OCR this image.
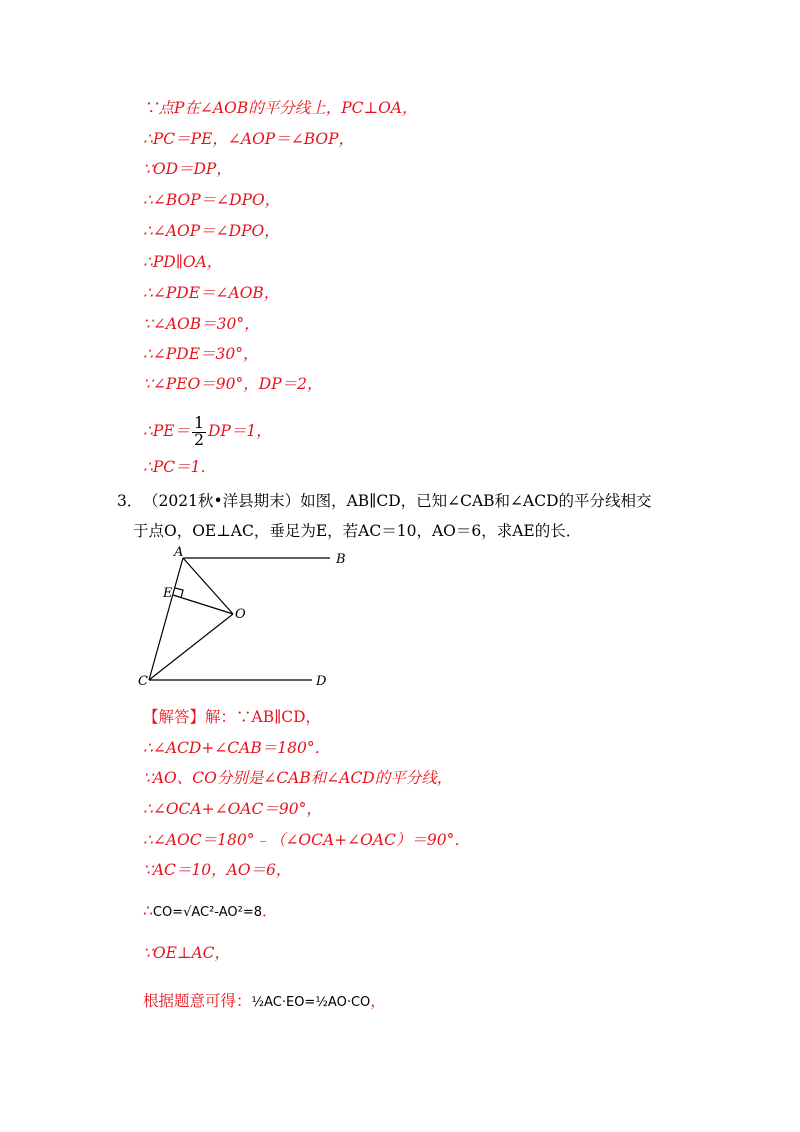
∵点P在∠AOB的平分线上，PC⊥OA，
∴PC＝PE，∠AOP＝∠BOP，
∵OD＝DP，
∴∠BOP＝∠DPO，
∴∠AOP＝∠DPO，
∴PD∥OA，
∴∠PDE＝∠AOB，
∵∠AOB＝30°，
∴∠PDE＝30°，
∵∠PEO＝90°，DP＝2，
∴PE＝ $\frac{1}{2} DP=1$，
∴PC＝1．
3． （2021秋•洋县期末）如图，AB∥CD，已知∠CAB和∠ACD的平分线相交
于点O，OE⊥AC，垂足为E，若AC＝10，AO＝6，求AE的长．
A	B
E
O
C	D
【解答】解：∵AB∥CD，
∴∠ACD+∠CAB＝180°．
∵AO、CO分别是∠CAB和∠ACD的平分线，
∴∠OCA+∠OAC＝90°，
∴∠AOC＝180°﹣（∠OCA+∠OAC）＝90°．
∵AC＝10，AO＝6，
∴CO=√AC²-AO²=8．
∵OE⊥AC，
根据题意可得：½AC·EO=½AO·CO，
